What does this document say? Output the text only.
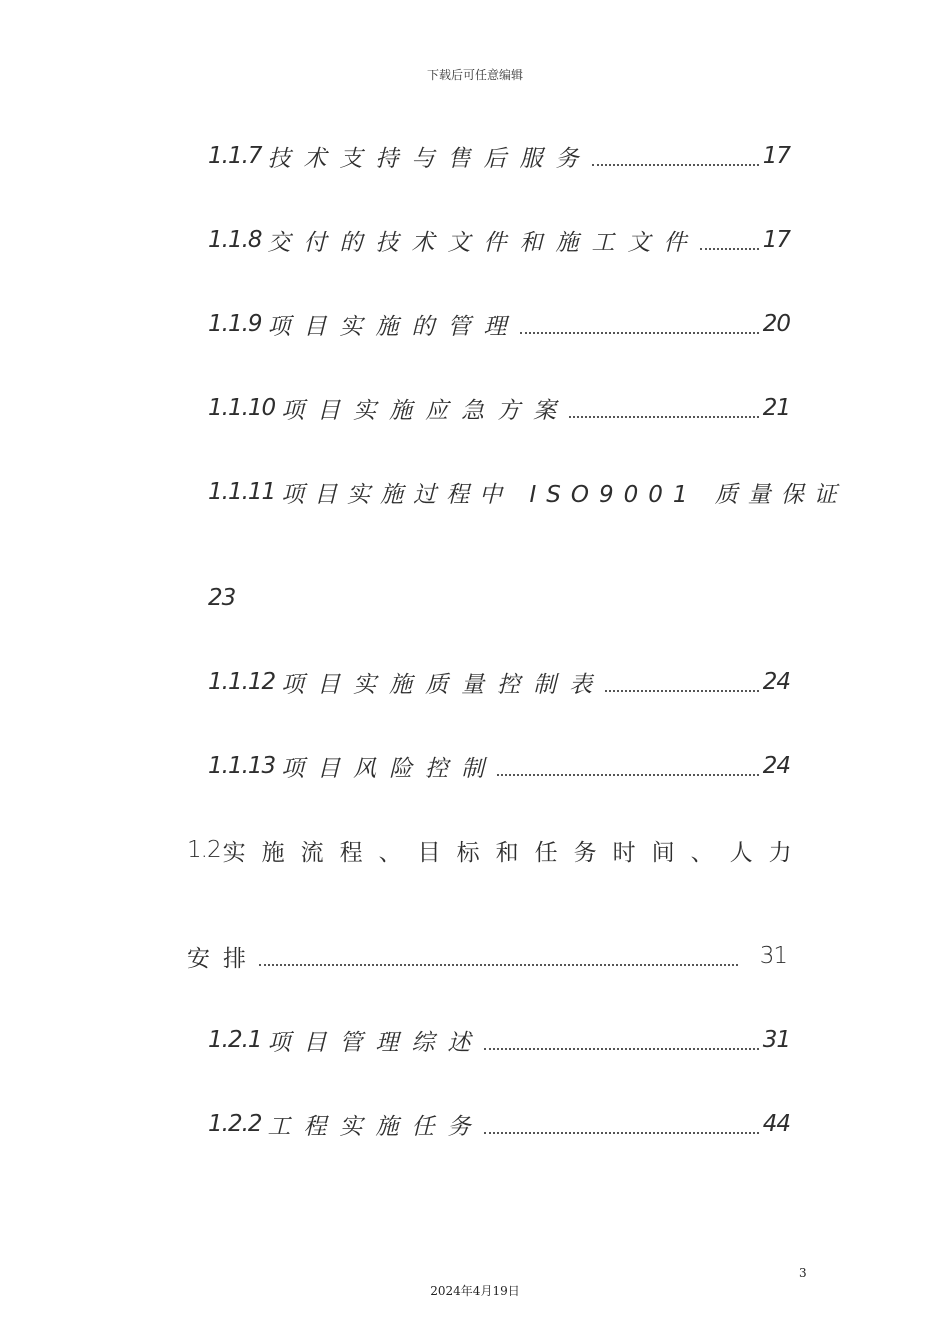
下载后可任意编辑
1.1.7 技术支持与售后服务	17
1.1.8 交付的技术文件和施工文件	17
1.1.9 项目实施的管理	20
1.1.10 项目实施应急方案	21
1.1.11 项目实施过程中 ISO9001 质量保证
23
1.1.12 项目实施质量控制表	24
1.1.13 项目风险控制	24
1.2 实施流程、目标和任务时间、人力
安排	31
1.2.1 项目管理综述	31
1.2.2 工程实施任务	44
3
2024年4月19日
